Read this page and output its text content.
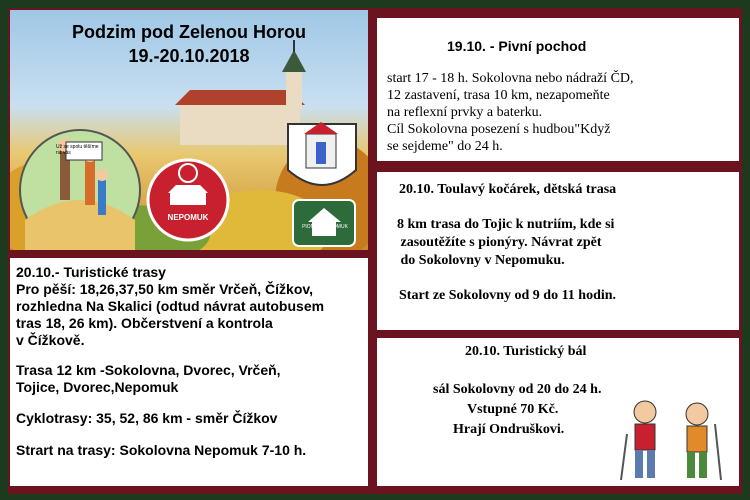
Podzim pod Zelenou Horou
19.-20.10.2018
Už se spolu těšíme na vás
NEPOMUK
PIONÝR NEPOMUK
19.10. - Pivní pochod
start 17 - 18 h. Sokolovna nebo nádraží ČD,
12 zastavení, trasa 10 km, nezapomeňte
na reflexní prvky a baterku.
Cíl Sokolovna posezení s hudbou"Když
se sejdeme" do 24 h.
20.10. Toulavý kočárek, dětská trasa
8 km trasa do Tojic k nutriím, kde si
zasoutěžíte s pionýry. Návrat zpět
do Sokolovny v Nepomuku.
Start ze Sokolovny od 9 do 11 hodin.
20.10. Turistický bál
sál Sokolovny od 20 do 24 h.
Vstupné 70 Kč.
Hrají Ondruškovi.
20.10.- Turistické trasy
Pro pěší: 18,26,37,50 km směr Vrčeň, Čížkov,
rozhledna Na Skalici (odtud návrat autobusem
tras 18, 26 km). Občerstvení a kontrola
v Čížkově.
Trasa 12 km -Sokolovna, Dvorec, Vrčeň,
Tojice, Dvorec,Nepomuk
Cyklotrasy: 35, 52, 86 km - směr Čížkov
Strart na trasy: Sokolovna Nepomuk 7-10 h.
